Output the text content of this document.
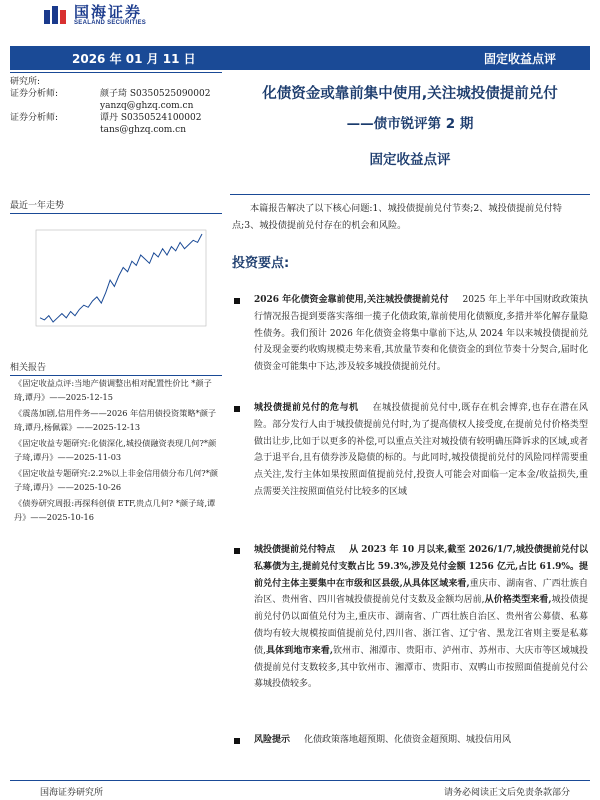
国海证券
SEALAND SECURITIES
2026 年 01 月 11 日	固定收益点评
研究所:
证券分析师:	颜子琦 S0350525090002
yanzq@ghzq.com.cn
证券分析师:	谭丹 S0350524100002
tans@ghzq.com.cn
最近一年走势
相关报告
《固定收益点评:当地产债调整出相对配置性价比 *颜子琦,谭丹》——2025-12-15
《震荡加剧,信用件务——2026 年信用债投资策略*颜子琦,谭丹,杨佩霖》——2025-12-13
《固定收益专题研究:化债深化,城投债融资表现几何?*颜子琦,谭丹》——2025-11-03
《固定收益专题研究:2.2%以上非金信用债分布几何?*颜子琦,谭丹》——2025-10-26
《债券研究周报:再探科创债 ETF,贵点几何? *颜子琦,谭丹》——2025-10-16
化债资金或靠前集中使用,关注城投债提前兑付
——债市锐评第 2 期
固定收益点评
本篇报告解决了以下核心问题:1、城投债提前兑付节奏;2、城投债提前兑付特点;3、城投债提前兑付存在的机会和风险。
投资要点:
2026 年化债资金靠前使用,关注城投债提前兑付 2025 年上半年中国财政政策执行情况报告提到要落实落细一揽子化债政策,靠前使用化债额度,多措并举化解存量隐性债务。我们预计 2026 年化债资金将集中靠前下达,从 2024 年以来城投债提前兑付及现金要约收购规模走势来看,其放量节奏和化债资金的到位节奏十分契合,届时化债资金可能集中下达,涉及较多城投债提前兑付。
城投债提前兑付的危与机 在城投债提前兑付中,既存在机会博弈,也存在潜在风险。部分发行人由于城投债提前兑付时,为了提高债权人接受度,在提前兑付价格类型做出让步,比如于以更多的补偿,可以重点关注对城投债有较明确压降诉求的区域,或者急于退平台,且有债券涉及隐债的标的。与此同时,城投债提前兑付的风险同样需要重点关注,发行主体如果按照面值提前兑付,投资人可能会对面临一定本金/收益损失,重点需要关注按照面值兑付比较多的区域
城投债提前兑付特点 从 2023 年 10 月以来,截至 2026/1/7,城投债提前兑付以私募债为主,提前兑付支数占比 59.3%,涉及兑付金额 1256 亿元,占比 61.9%。提前兑付主体主要集中在市级和区县级,从具体区域来看,重庆市、湖南省、广西壮族自治区、贵州省、四川省城投债提前兑付支数及金额均居前,从价格类型来看,城投债提前兑付仍以面值兑付为主,重庆市、湖南省、广西壮族自治区、贵州省公募债、私募债均有较大规模按面值提前兑付,四川省、浙江省、辽宁省、黑龙江省则主要是私募债,具体到地市来看,钦州市、湘潭市、贵阳市、泸州市、苏州市、大庆市等区域城投债提前兑付支数较多,其中钦州市、湘潭市、贵阳市、双鸭山市按照面值提前兑付公募城投债较多。
风险提示 化债政策落地超预期、化债资金超预期、城投信用风
国海证券研究所	请务必阅读正文后免责条款部分
